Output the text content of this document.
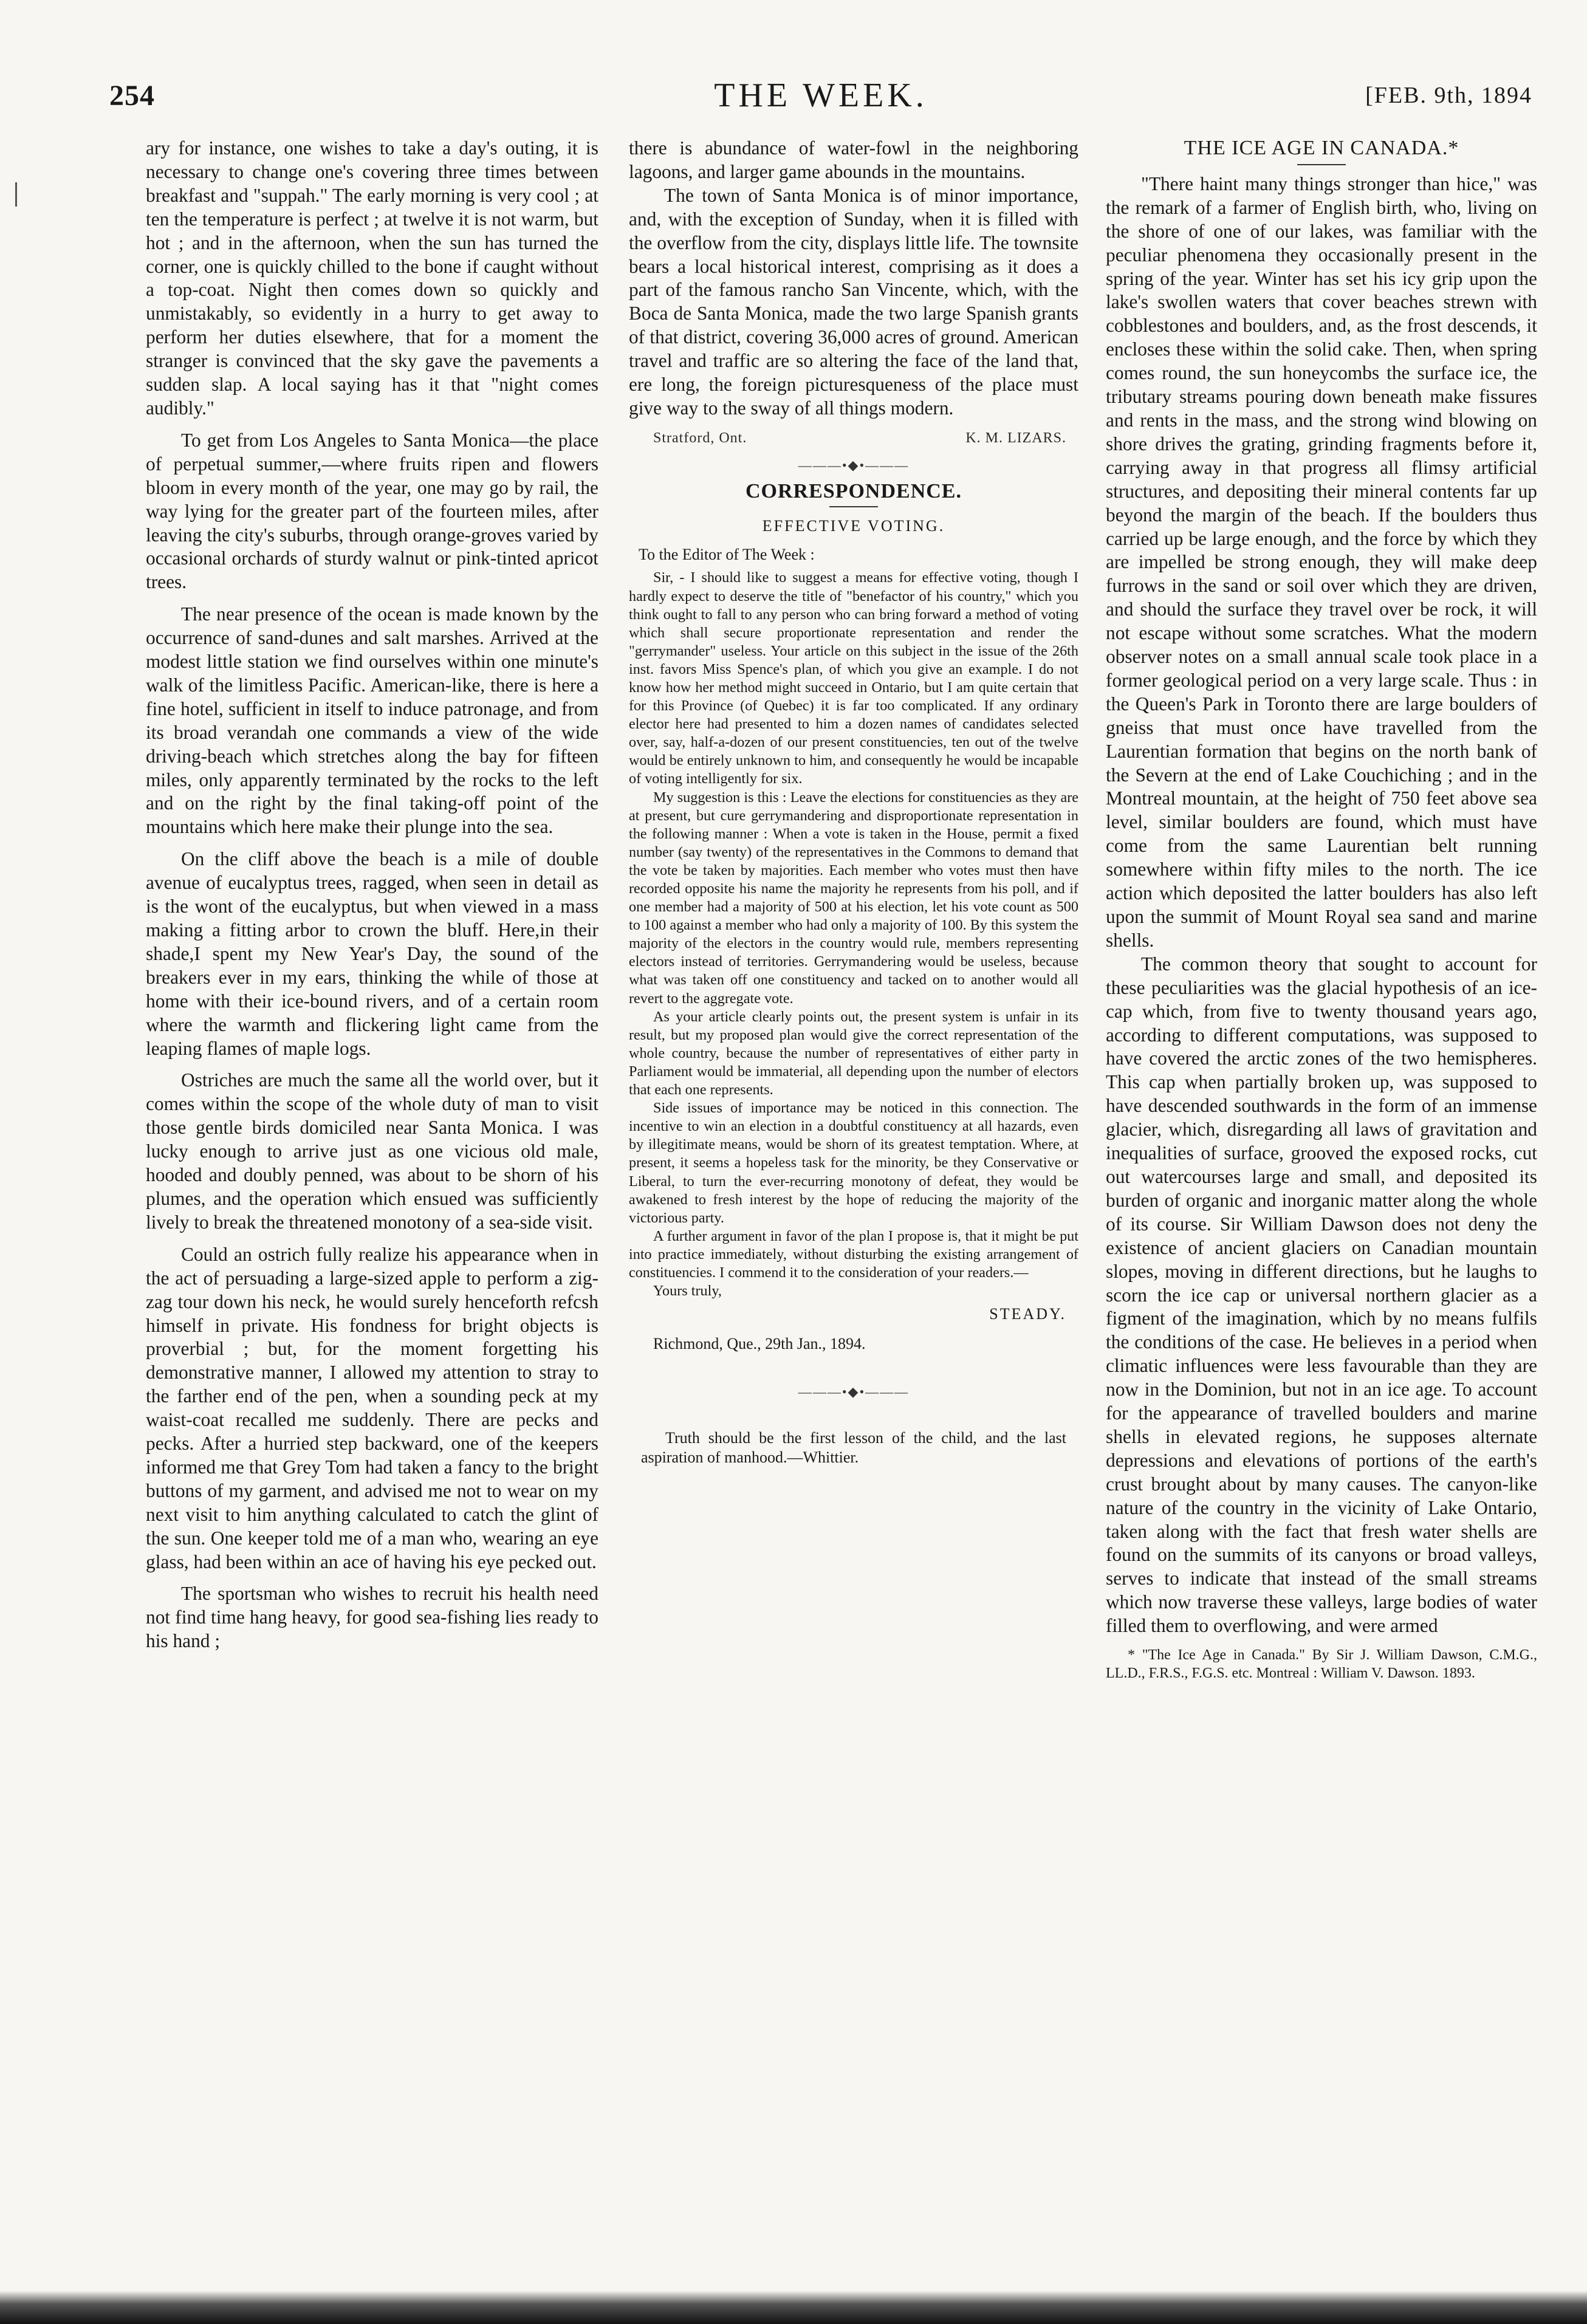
254	THE WEEK.	[FEB. 9th, 1894

ary for instance, one wishes to take a day's outing, it is necessary to change one's covering three times between breakfast and "suppah." The early morning is very cool ; at ten the temperature is perfect ; at twelve it is not warm, but hot ; and in the afternoon, when the sun has turned the corner, one is quickly chilled to the bone if caught without a top-coat. Night then comes down so quickly and unmistakably, so evidently in a hurry to get away to perform her duties elsewhere, that for a moment the stranger is convinced that the sky gave the pavements a sudden slap. A local saying has it that "night comes audibly."

To get from Los Angeles to Santa Monica—the place of perpetual summer,—where fruits ripen and flowers bloom in every month of the year, one may go by rail, the way lying for the greater part of the fourteen miles, after leaving the city's suburbs, through orange-groves varied by occasional orchards of sturdy walnut or pink-tinted apricot trees.

The near presence of the ocean is made known by the occurrence of sand-dunes and salt marshes. Arrived at the modest little station we find ourselves within one minute's walk of the limitless Pacific. American-like, there is here a fine hotel, sufficient in itself to induce patronage, and from its broad verandah one commands a view of the wide driving-beach which stretches along the bay for fifteen miles, only apparently terminated by the rocks to the left and on the right by the final taking-off point of the mountains which here make their plunge into the sea.

On the cliff above the beach is a mile of double avenue of eucalyptus trees, ragged, when seen in detail as is the wont of the eucalyptus, but when viewed in a mass making a fitting arbor to crown the bluff. Here,in their shade,I spent my New Year's Day, the sound of the breakers ever in my ears, thinking the while of those at home with their ice-bound rivers, and of a certain room where the warmth and flickering light came from the leaping flames of maple logs.

Ostriches are much the same all the world over, but it comes within the scope of the whole duty of man to visit those gentle birds domiciled near Santa Monica. I was lucky enough to arrive just as one vicious old male, hooded and doubly penned, was about to be shorn of his plumes, and the operation which ensued was sufficiently lively to break the threatened monotony of a sea-side visit.

Could an ostrich fully realize his appearance when in the act of persuading a large-sized apple to perform a zig-zag tour down his neck, he would surely henceforth refcsh himself in private. His fondness for bright objects is proverbial ; but, for the moment forgetting his demonstrative manner, I allowed my attention to stray to the farther end of the pen, when a sounding peck at my waist-coat recalled me suddenly. There are pecks and pecks. After a hurried step backward, one of the keepers informed me that Grey Tom had taken a fancy to the bright buttons of my garment, and advised me not to wear on my next visit to him anything calculated to catch the glint of the sun. One keeper told me of a man who, wearing an eye glass, had been within an ace of having his eye pecked out.

The sportsman who wishes to recruit his health need not find time hang heavy, for good sea-fishing lies ready to his hand ;

there is abundance of water-fowl in the neighboring lagoons, and larger game abounds in the mountains.

The town of Santa Monica is of minor importance, and, with the exception of Sunday, when it is filled with the overflow from the city, displays little life. The townsite bears a local historical interest, comprising as it does a part of the famous rancho San Vincente, which, with the Boca de Santa Monica, made the two large Spanish grants of that district, covering 36,000 acres of ground. American travel and traffic are so altering the face of the land that, ere long, the foreign picturesqueness of the place must give way to the sway of all things modern.

Stratford, Ont.	K. M. LIZARS.
———•◆•———
CORRESPONDENCE.
EFFECTIVE VOTING.
To the Editor of The Week :

Sir, - I should like to suggest a means for effective voting, though I hardly expect to deserve the title of "benefactor of his country," which you think ought to fall to any person who can bring forward a method of voting which shall secure proportionate representation and render the "gerrymander" useless. Your article on this subject in the issue of the 26th inst. favors Miss Spence's plan, of which you give an example. I do not know how her method might succeed in Ontario, but I am quite certain that for this Province (of Quebec) it is far too complicated. If any ordinary elector here had presented to him a dozen names of candidates selected over, say, half-a-dozen of our present constituencies, ten out of the twelve would be entirely unknown to him, and consequently he would be incapable of voting intelligently for six.

My suggestion is this : Leave the elections for constituencies as they are at present, but cure gerrymandering and disproportionate representation in the following manner : When a vote is taken in the House, permit a fixed number (say twenty) of the representatives in the Commons to demand that the vote be taken by majorities. Each member who votes must then have recorded opposite his name the majority he represents from his poll, and if one member had a majority of 500 at his election, let his vote count as 500 to 100 against a member who had only a majority of 100. By this system the majority of the electors in the country would rule, members representing electors instead of territories. Gerrymandering would be useless, because what was taken off one constituency and tacked on to another would all revert to the aggregate vote.

As your article clearly points out, the present system is unfair in its result, but my proposed plan would give the correct representation of the whole country, because the number of representatives of either party in Parliament would be immaterial, all depending upon the number of electors that each one represents.

Side issues of importance may be noticed in this connection. The incentive to win an election in a doubtful constituency at all hazards, even by illegitimate means, would be shorn of its greatest temptation. Where, at present, it seems a hopeless task for the minority, be they Conservative or Liberal, to turn the ever-recurring monotony of defeat, they would be awakened to fresh interest by the hope of reducing the majority of the victorious party.

A further argument in favor of the plan I propose is, that it might be put into practice immediately, without disturbing the existing arrangement of constituencies. I commend it to the consideration of your readers.—

Yours truly,
STEADY.
Richmond, Que., 29th Jan., 1894.
———•◆•———

Truth should be the first lesson of the child, and the last aspiration of manhood.—Whittier.

THE ICE AGE IN CANADA.*

"There haint many things stronger than hice," was the remark of a farmer of English birth, who, living on the shore of one of our lakes, was familiar with the peculiar phenomena they occasionally present in the spring of the year. Winter has set his icy grip upon the lake's swollen waters that cover beaches strewn with cobblestones and boulders, and, as the frost descends, it encloses these within the solid cake. Then, when spring comes round, the sun honeycombs the surface ice, the tributary streams pouring down beneath make fissures and rents in the mass, and the strong wind blowing on shore drives the grating, grinding fragments before it, carrying away in that progress all flimsy artificial structures, and depositing their mineral contents far up beyond the margin of the beach. If the boulders thus carried up be large enough, and the force by which they are impelled be strong enough, they will make deep furrows in the sand or soil over which they are driven, and should the surface they travel over be rock, it will not escape without some scratches. What the modern observer notes on a small annual scale took place in a former geological period on a very large scale. Thus : in the Queen's Park in Toronto there are large boulders of gneiss that must once have travelled from the Laurentian formation that begins on the north bank of the Severn at the end of Lake Couchiching ; and in the Montreal mountain, at the height of 750 feet above sea level, similar boulders are found, which must have come from the same Laurentian belt running somewhere within fifty miles to the north. The ice action which deposited the latter boulders has also left upon the summit of Mount Royal sea sand and marine shells.

The common theory that sought to account for these peculiarities was the glacial hypothesis of an ice-cap which, from five to twenty thousand years ago, according to different computations, was supposed to have covered the arctic zones of the two hemispheres. This cap when partially broken up, was supposed to have descended southwards in the form of an immense glacier, which, disregarding all laws of gravitation and inequalities of surface, grooved the exposed rocks, cut out watercourses large and small, and deposited its burden of organic and inorganic matter along the whole of its course. Sir William Dawson does not deny the existence of ancient glaciers on Canadian mountain slopes, moving in different directions, but he laughs to scorn the ice cap or universal northern glacier as a figment of the imagination, which by no means fulfils the conditions of the case. He believes in a period when climatic influences were less favourable than they are now in the Dominion, but not in an ice age. To account for the appearance of travelled boulders and marine shells in elevated regions, he supposes alternate depressions and elevations of portions of the earth's crust brought about by many causes. The canyon-like nature of the country in the vicinity of Lake Ontario, taken along with the fact that fresh water shells are found on the summits of its canyons or broad valleys, serves to indicate that instead of the small streams which now traverse these valleys, large bodies of water filled them to overflowing, and were armed

* "The Ice Age in Canada." By Sir J. William Dawson, C.M.G., LL.D., F.R.S., F.G.S. etc. Montreal : William V. Dawson. 1893.
